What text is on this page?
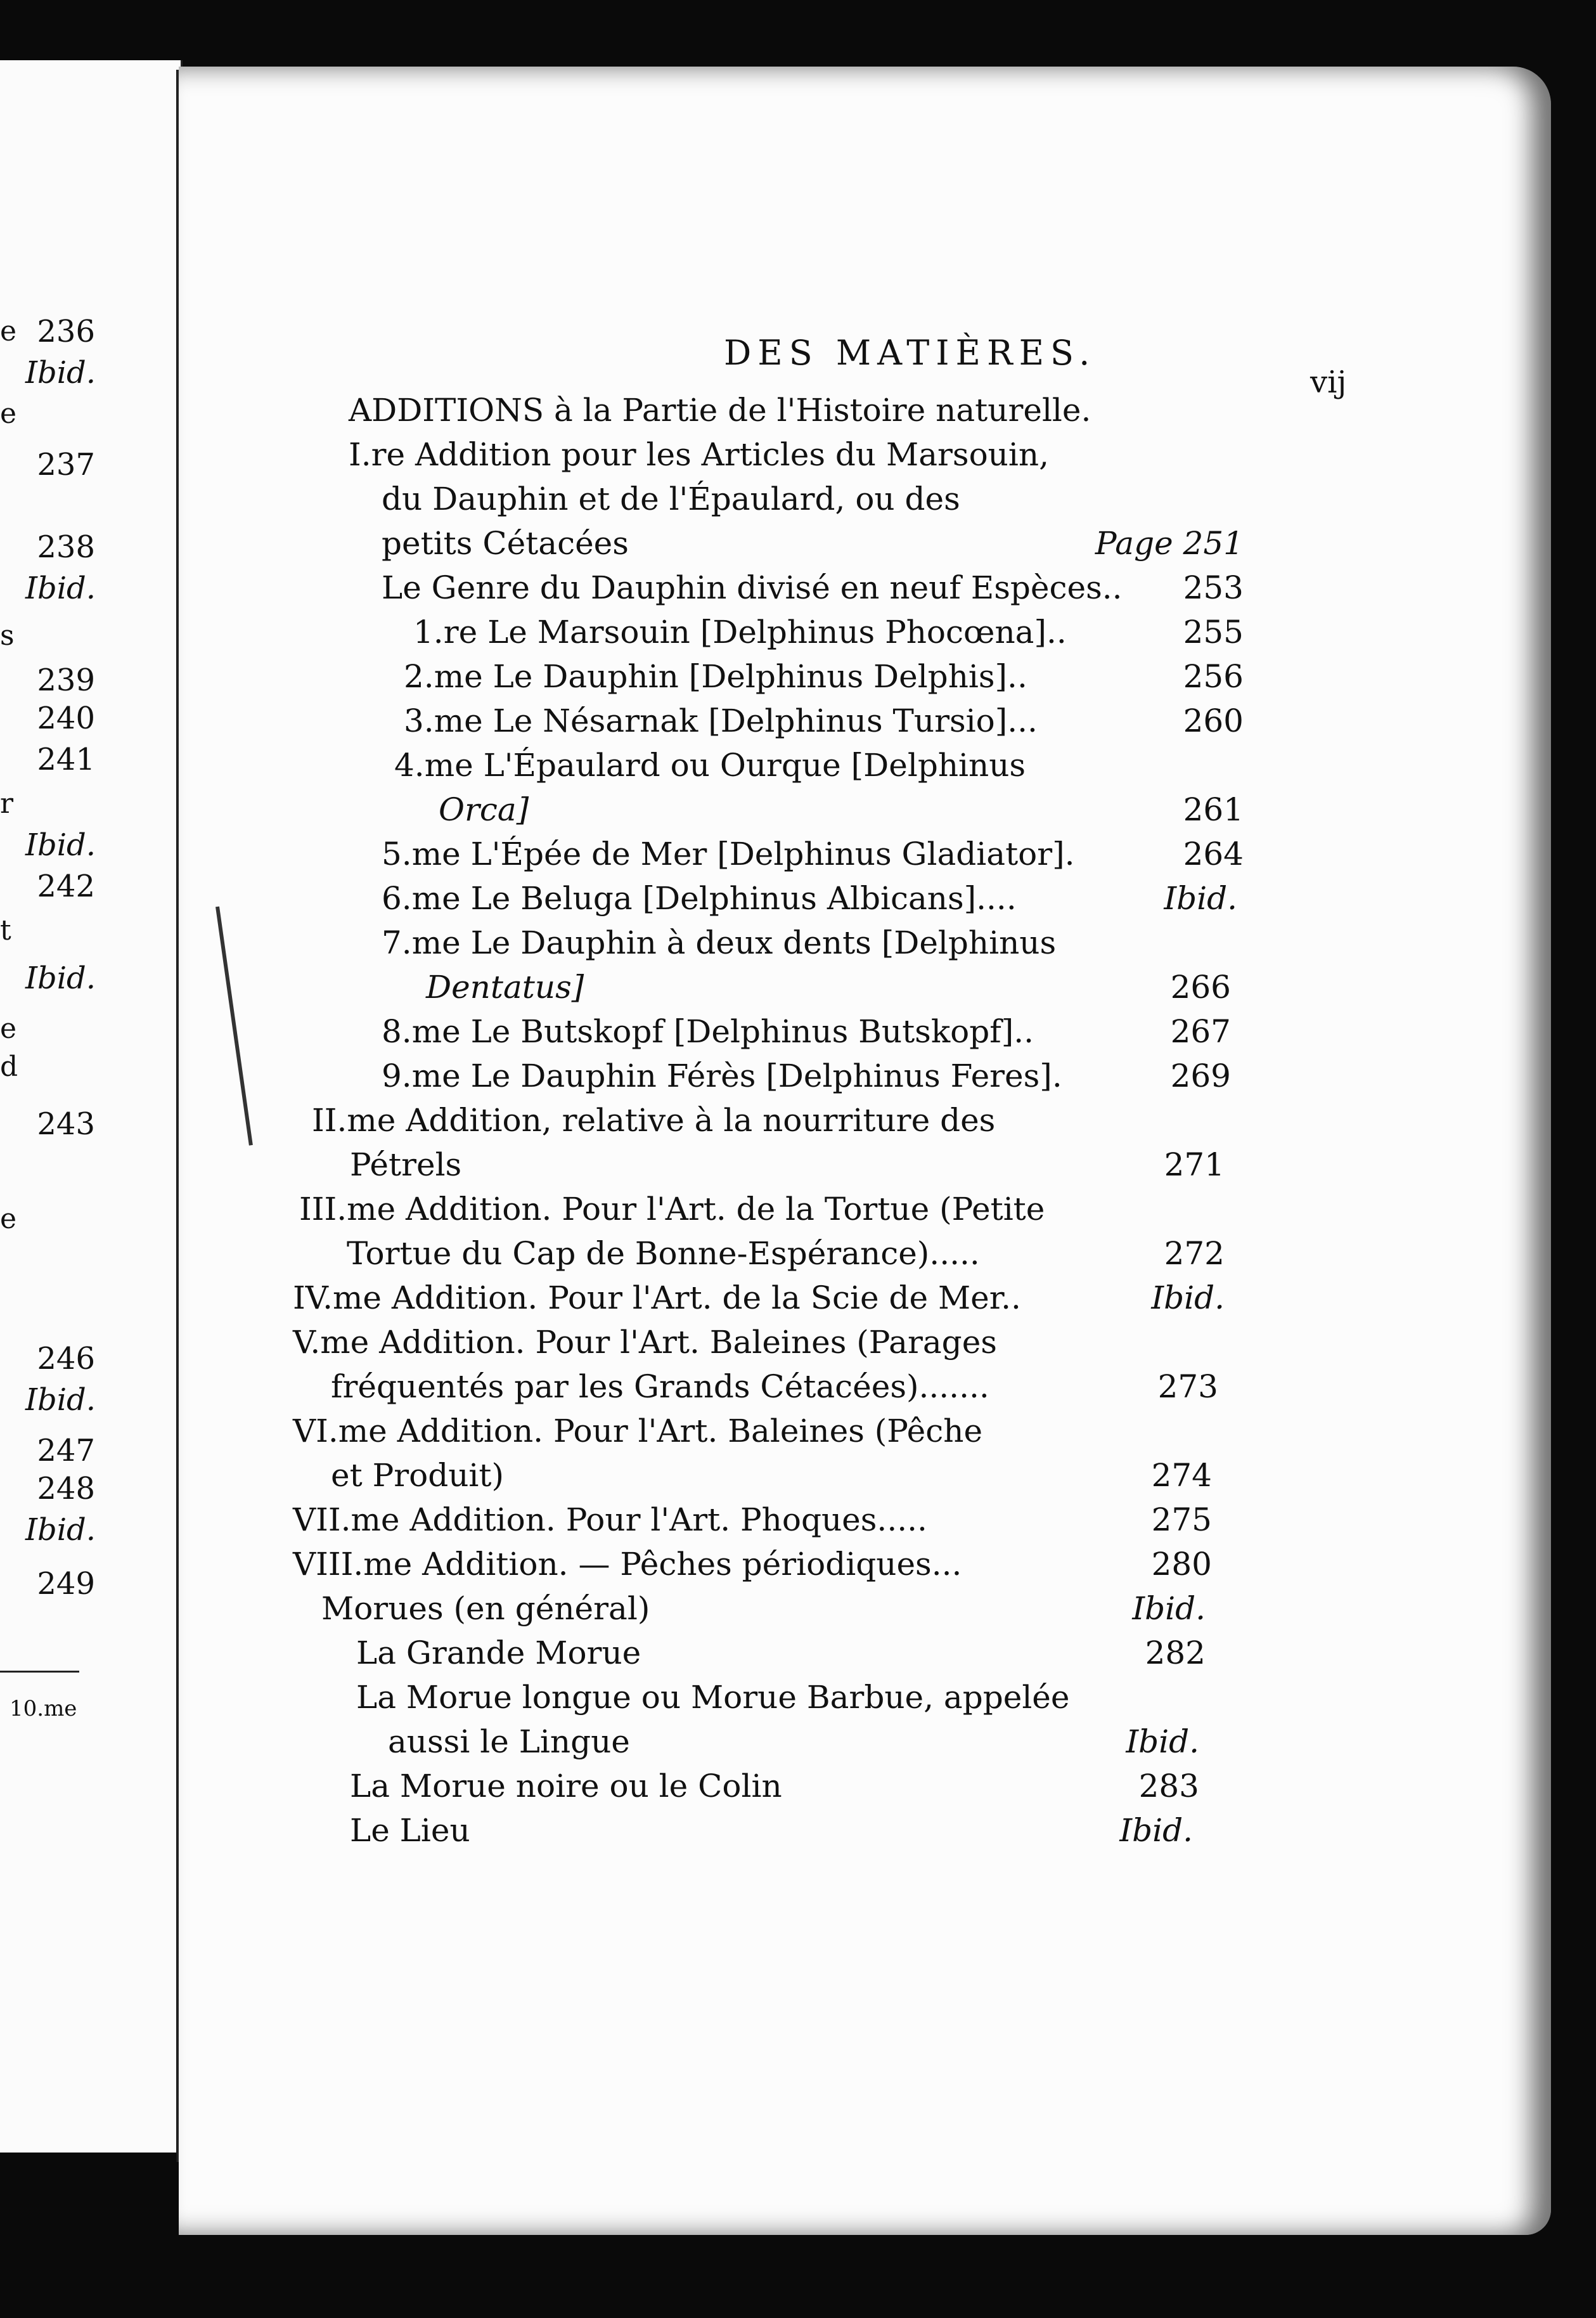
e 236
Ibid.
e
237
238
Ibid.
s
239
240
241
r
Ibid.
242
t
Ibid.
e
d
243
e
246
Ibid.
247
248
Ibid.
249
10.me
DES MATIÈRES.
vij
ADDITIONS à la Partie de l'Histoire naturelle.
I.re Addition pour les Articles du Marsouin,
du Dauphin et de l'Épaulard, ou des
petits Cétacées
Le Genre du Dauphin divisé en neuf Espèces..
1.re Le Marsouin [Delphinus Phocœna]..
2.me Le Dauphin [Delphinus Delphis]..
3.me Le Nésarnak [Delphinus Tursio]...
4.me L'Épaulard ou Ourque [Delphinus
Orca]
5.me L'Épée de Mer [Delphinus Gladiator].
6.me Le Beluga [Delphinus Albicans]....
7.me Le Dauphin à deux dents [Delphinus
Dentatus]
8.me Le Butskopf [Delphinus Butskopf]..
9.me Le Dauphin Férès [Delphinus Feres].
II.me Addition, relative à la nourriture des
Pétrels
III.me Addition. Pour l'Art. de la Tortue (Petite
Tortue du Cap de Bonne-Espérance).....
IV.me Addition. Pour l'Art. de la Scie de Mer..
V.me Addition. Pour l'Art. Baleines (Parages
fréquentés par les Grands Cétacées).......
VI.me Addition. Pour l'Art. Baleines (Pêche
et Produit)
VII.me Addition. Pour l'Art. Phoques.....
VIII.me Addition. — Pêches périodiques...
Morues (en général)
La Grande Morue
La Morue longue ou Morue Barbue, appelée
aussi le Lingue
La Morue noire ou le Colin
Le Lieu
Page 251
253
255
256
260
261
264
Ibid.
266
267
269
271
272
Ibid.
273
274
275
280
Ibid.
282
Ibid.
283
Ibid.
